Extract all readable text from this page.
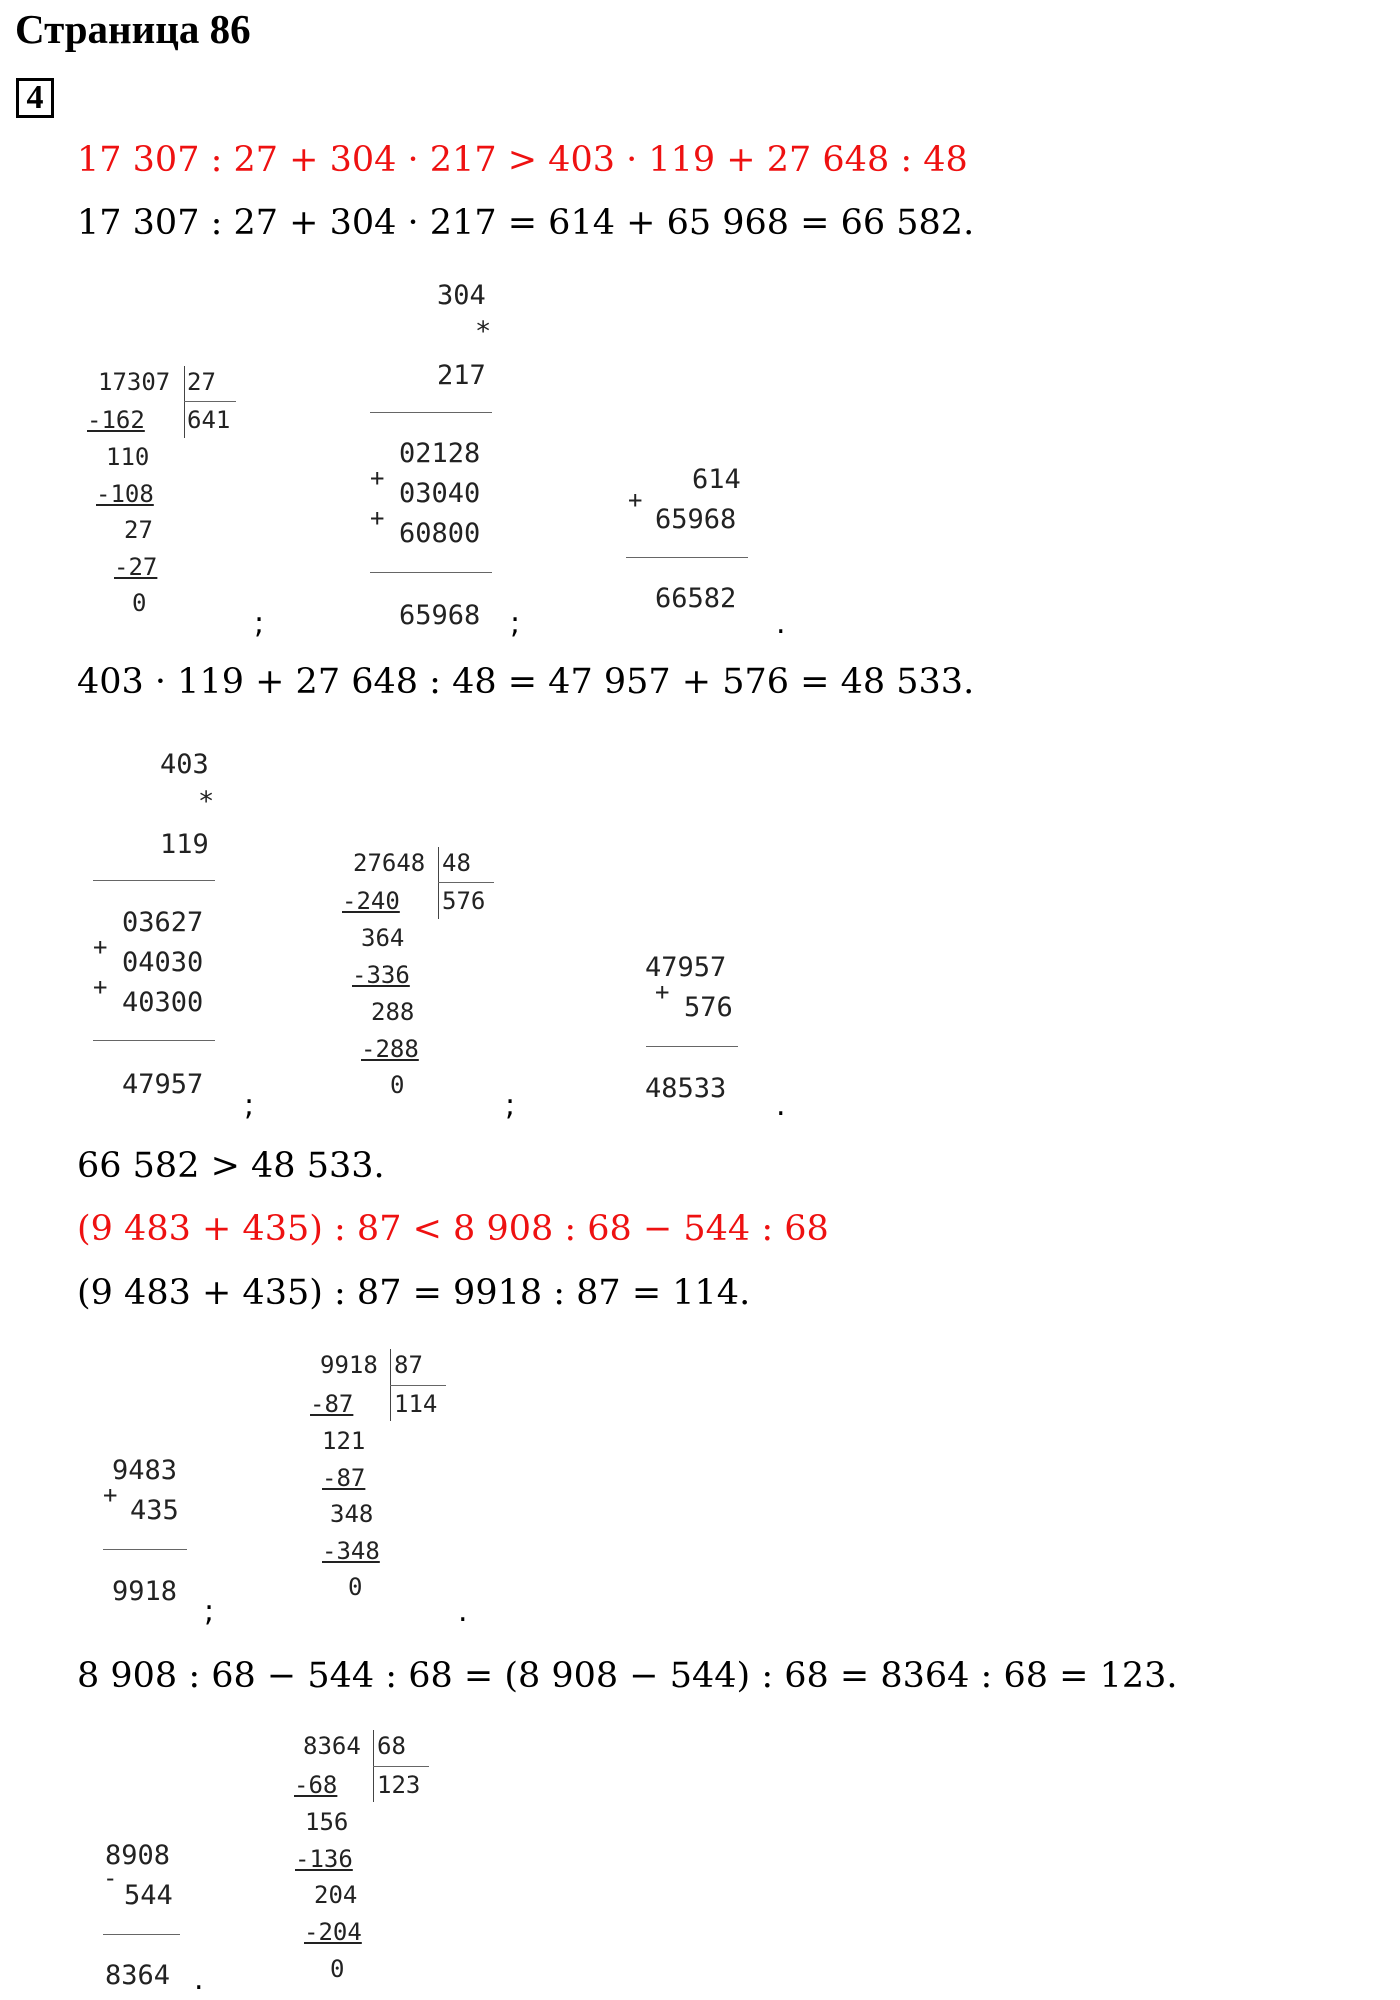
Страница 86
4
17 307 : 27 + 304 · 217 > 403 · 119 + 27 648 : 48
17 307 : 27 + 304 · 217 = 614 + 65 968 = 66 582.
17307 27
641
-162
110
-108
27
-27
0
;
304
*
217
02128
+ 03040
+ 60800
65968 ;
+
614
65968
66582
.
403 · 119 + 27 648 : 48 = 47 957 + 576 = 48 533.
403
*
119
03627
+ 04030
+ 40300
47957
;
27648 48
576
-240
364
-336
288
-288
0
;
47957
+ 576
48533 .
66 582 > 48 533.
(9 483 + 435) : 87 < 8 908 : 68 − 544 : 68
(9 483 + 435) : 87 = 9918 : 87 = 114.
9483
+ 435
9918
;
9918 87
114
-87
121
-87
348
-348
0
.
8 908 : 68 − 544 : 68 = (8 908 − 544) : 68 = 8364 : 68 = 123.
8908
-
544
8364 .
8364 68
123
-68
156
-136
204
-204
0
